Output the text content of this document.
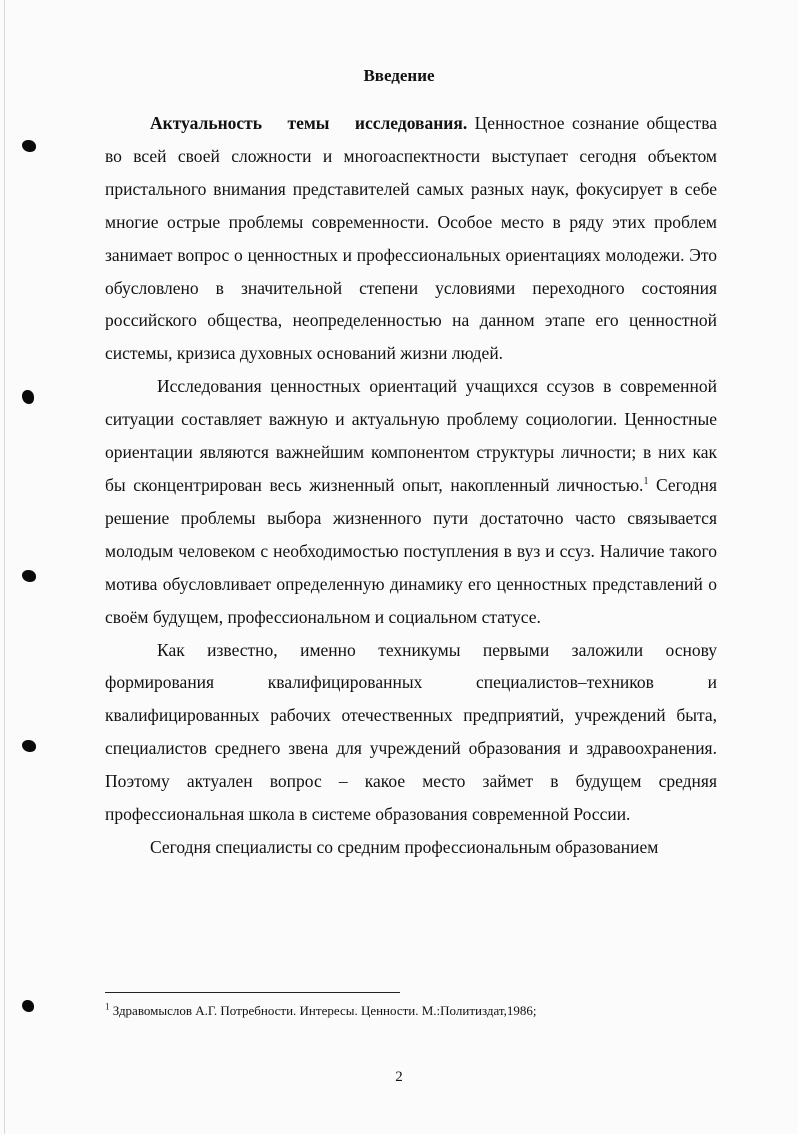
Введение

Актуальность темы исследования. Ценностное сознание общества во всей своей сложности и многоаспектности выступает сегодня объектом пристального внимания представителей самых разных наук, фокусирует в себе многие острые проблемы современности. Особое место в ряду этих проблем занимает вопрос о ценностных и профессиональных ориентациях молодежи. Это обусловлено в значительной степени условиями переходного состояния российского общества, неопределенностью на данном этапе его ценностной системы, кризиса духовных оснований жизни людей.

Исследования ценностных ориентаций учащихся ссузов в современной ситуации составляет важную и актуальную проблему социологии. Ценностные ориентации являются важнейшим компонентом структуры личности; в них как бы сконцентрирован весь жизненный опыт, накопленный личностью.$^1$ Сегодня решение проблемы выбора жизненного пути достаточно часто связывается молодым человеком с необходимостью поступления в вуз и ссуз. Наличие такого мотива обусловливает определенную динамику его ценностных представлений о своём будущем, профессиональном и социальном статусе.

Как известно, именно техникумы первыми заложили основу формирования квалифицированных специалистов–техников и квалифицированных рабочих отечественных предприятий, учреждений быта, специалистов среднего звена для учреждений образования и здравоохранения. Поэтому актуален вопрос – какое место займет в будущем средняя профессиональная школа в системе образования современной России.

Сегодня специалисты со средним профессиональным образованием

$^1$ Здравомыслов А.Г. Потребности. Интересы. Ценности. М.:Политиздат,1986;
2
